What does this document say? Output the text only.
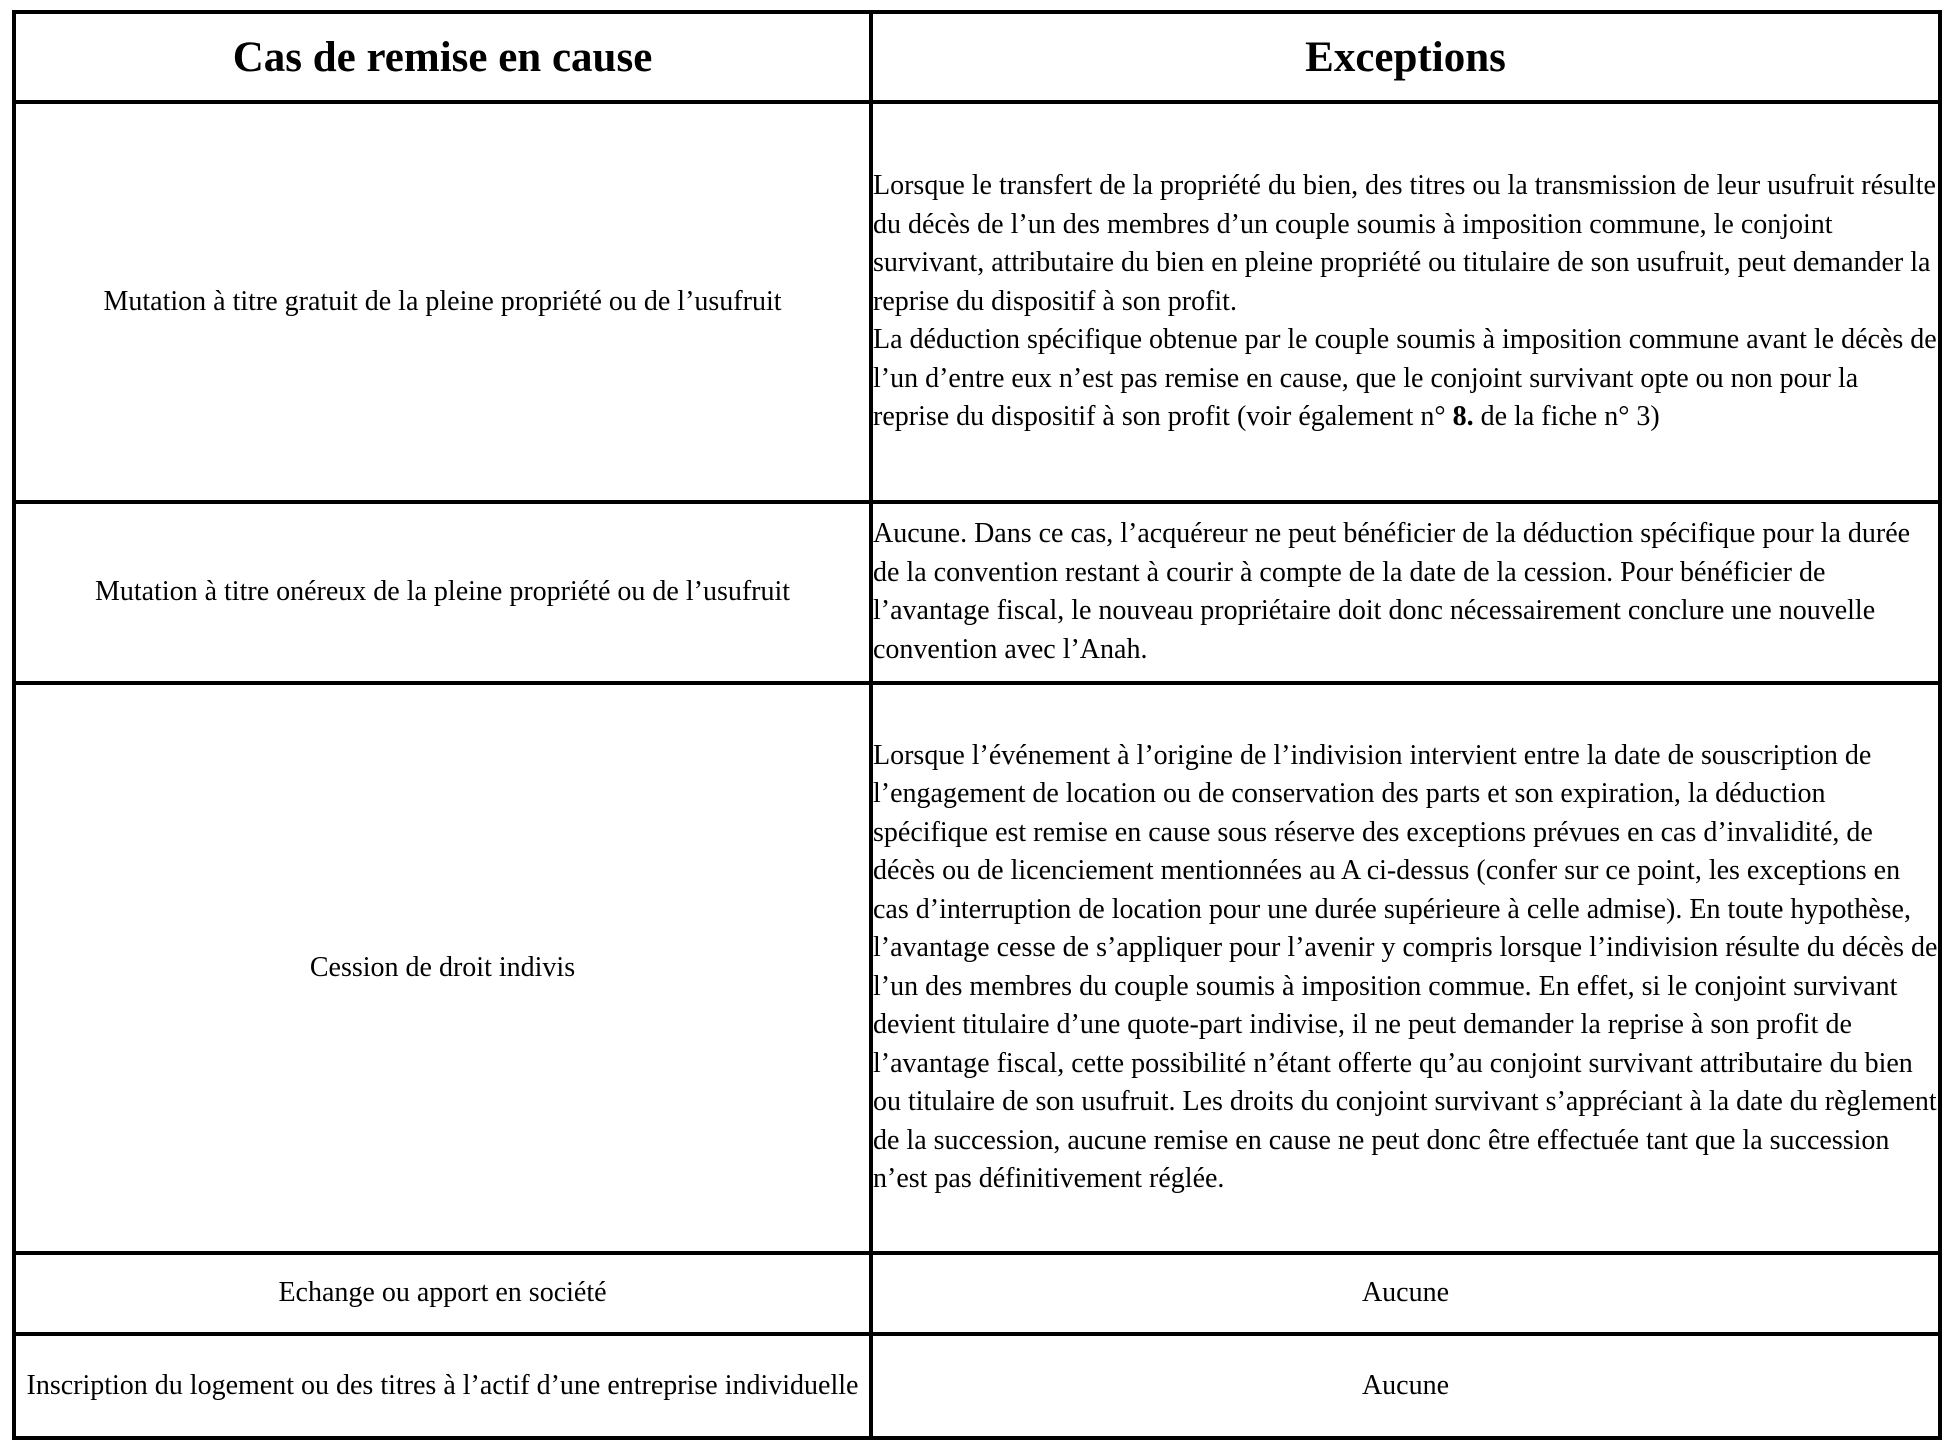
Cas de remise en cause	Exceptions
Mutation à titre gratuit de la pleine propriété ou de l’usufruit	Lorsque le transfert de la propriété du bien, des titres ou la transmission de leur usufruit résulte du décès de l’un des membres d’un couple soumis à imposition commune, le conjoint survivant, attributaire du bien en pleine propriété ou titulaire de son usufruit, peut demander la reprise du dispositif à son profit.
La déduction spécifique obtenue par le couple soumis à imposition commune avant le décès de l’un d’entre eux n’est pas remise en cause, que le conjoint survivant opte ou non pour la reprise du dispositif à son profit (voir également n° 8. de la fiche n° 3)

Mutation à titre onéreux de la pleine propriété ou de l’usufruit	Aucune. Dans ce cas, l’acquéreur ne peut bénéficier de la déduction spécifique pour la durée de la convention restant à courir à compte de la date de la cession. Pour bénéficier de l’avantage fiscal, le nouveau propriétaire doit donc nécessairement conclure une nouvelle convention avec l’Anah.
Cession de droit indivis	Lorsque l’événement à l’origine de l’indivision intervient entre la date de souscription de l’engagement de location ou de conservation des parts et son expiration, la déduction spécifique est remise en cause sous réserve des exceptions prévues en cas d’invalidité, de décès ou de licenciement mentionnées au A ci-dessus (confer sur ce point, les exceptions en cas d’interruption de location pour une durée supérieure à celle admise). En toute hypothèse, l’avantage cesse de s’appliquer pour l’avenir y compris lorsque l’indivision résulte du décès de l’un des membres du couple soumis à imposition commue. En effet, si le conjoint survivant devient titulaire d’une quote-part indivise, il ne peut demander la reprise à son profit de l’avantage fiscal, cette possibilité n’étant offerte qu’au conjoint survivant attributaire du bien ou titulaire de son usufruit. Les droits du conjoint survivant s’appréciant à la date du règlement de la succession, aucune remise en cause ne peut donc être effectuée tant que la succession n’est pas définitivement réglée.
Echange ou apport en société	Aucune
Inscription du logement ou des titres à l’actif d’une entreprise individuelle	Aucune
